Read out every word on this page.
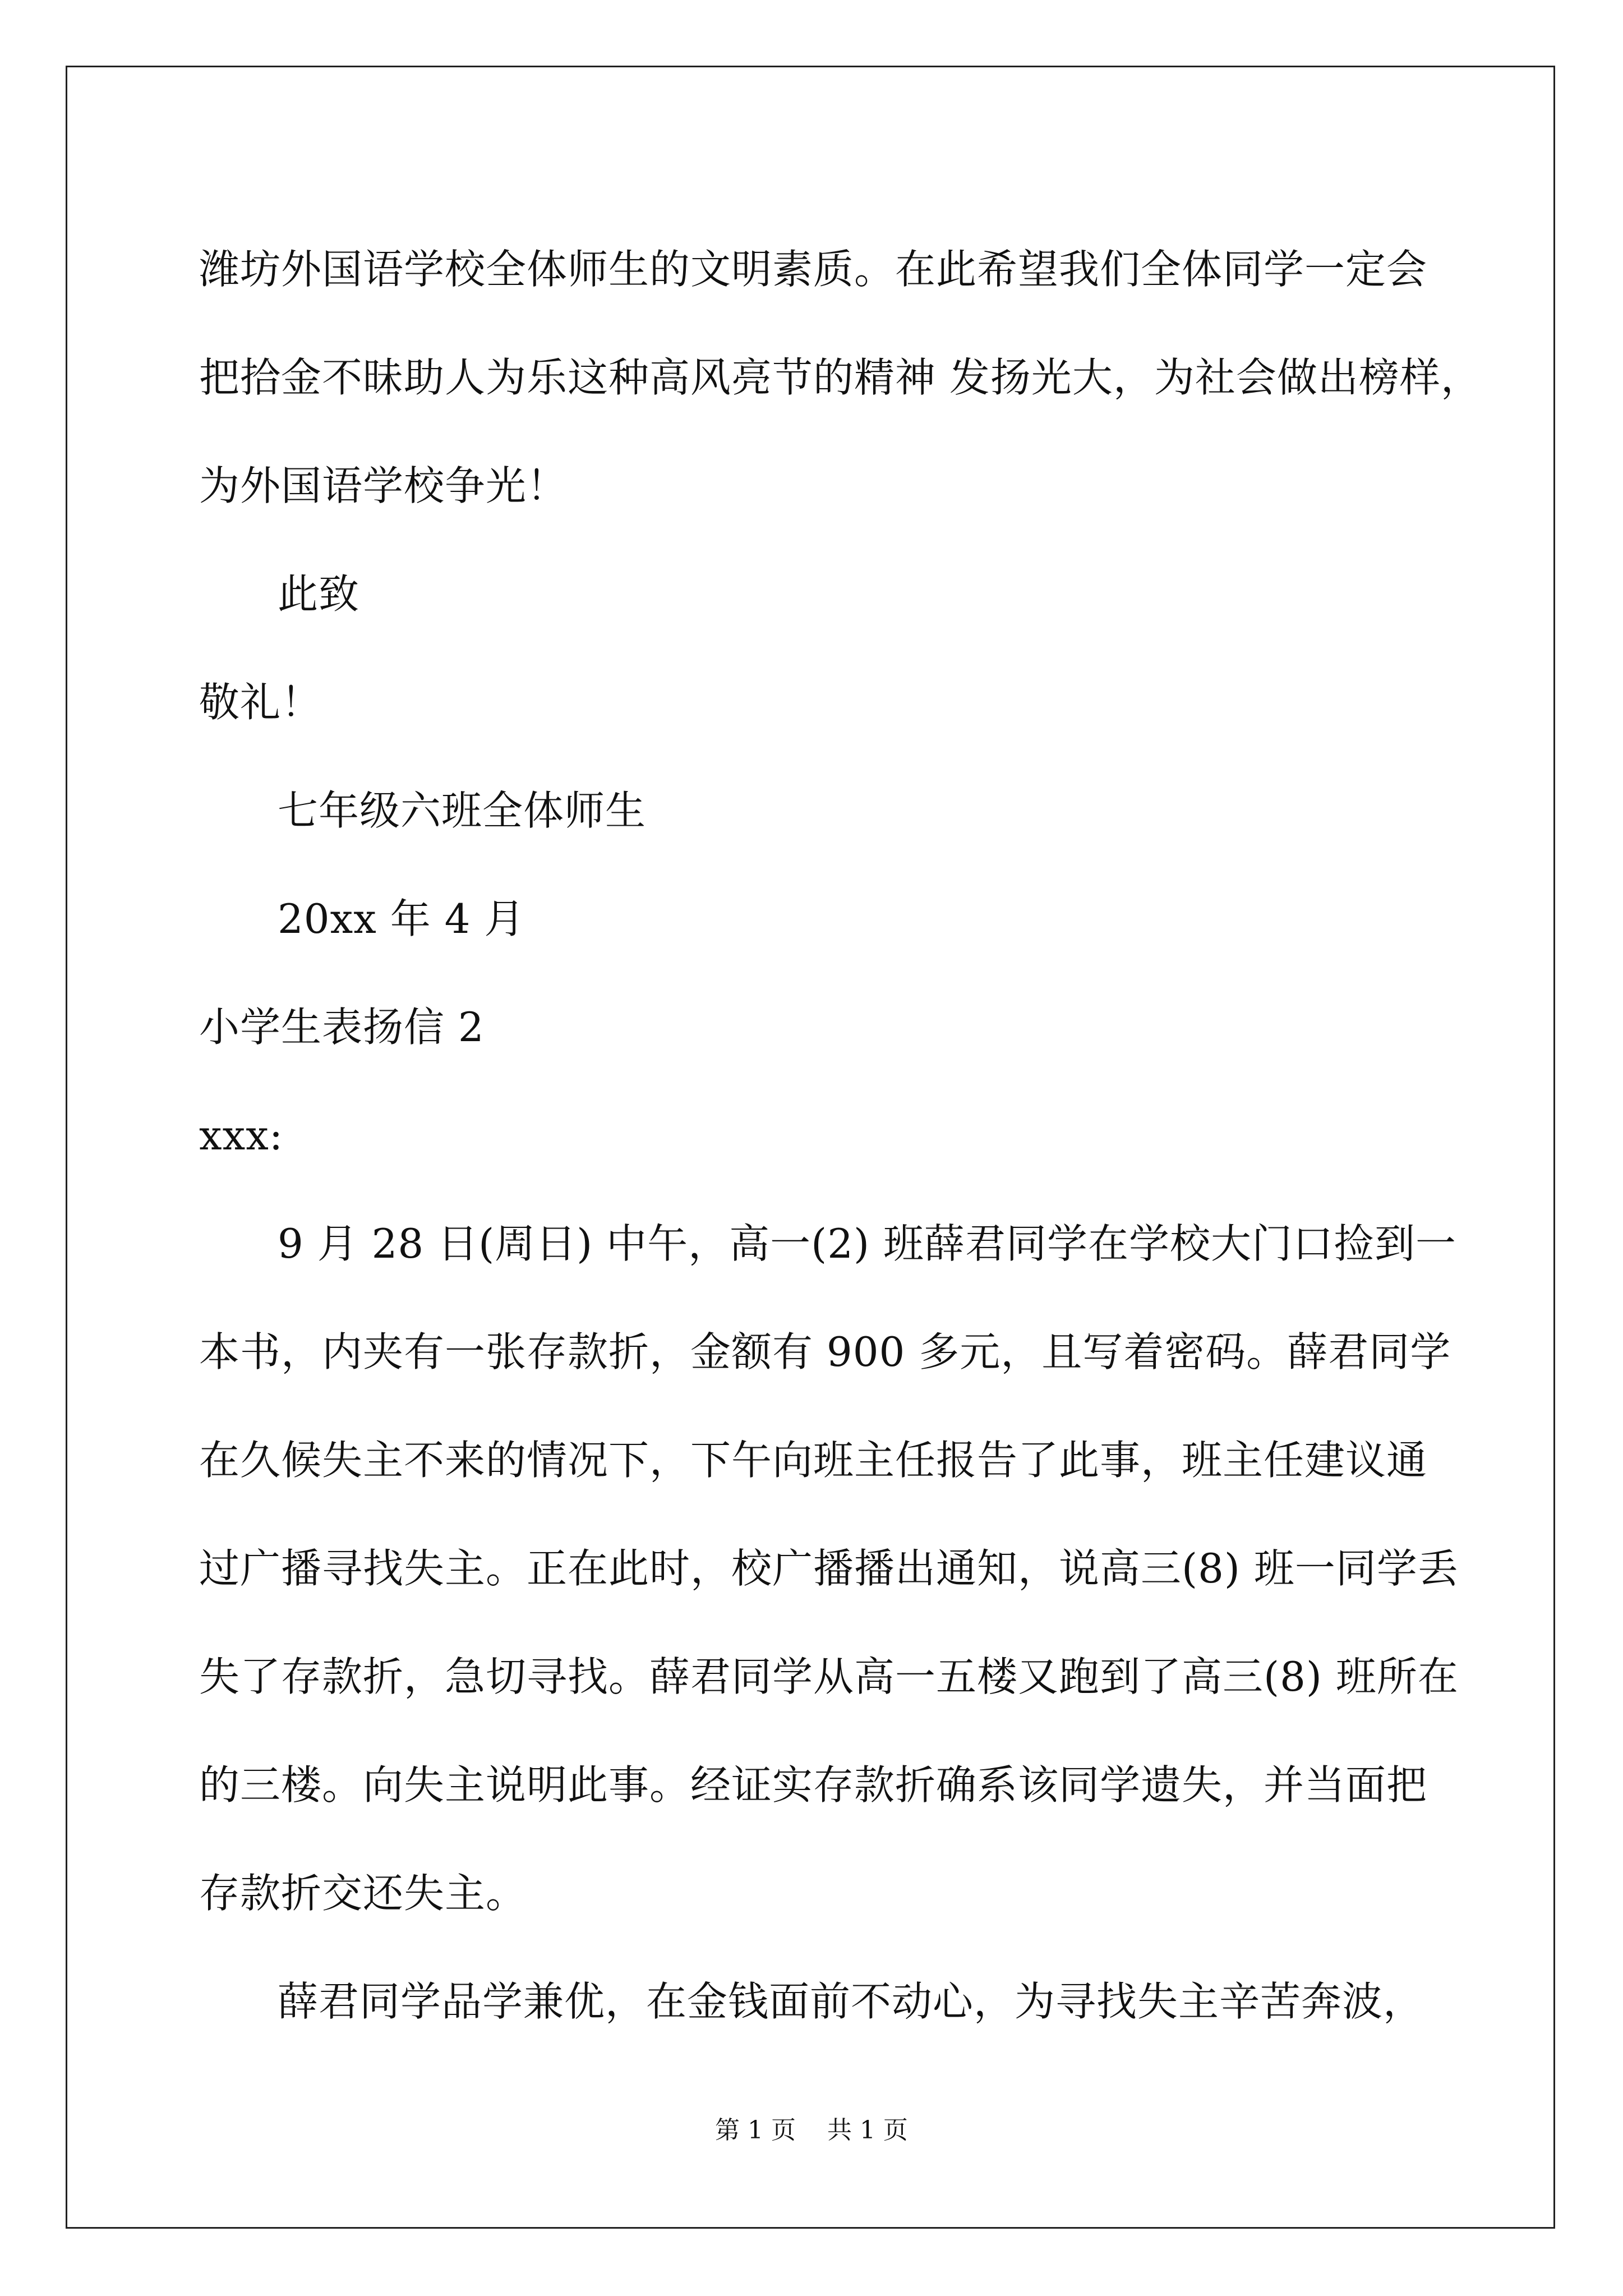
潍坊外国语学校全体师生的文明素质。在此希望我们全体同学一定会
把拾金不昧助人为乐这种高风亮节的精神 发扬光大，为社会做出榜样，
为外国语学校争光！
此致
敬礼！
七年级六班全体师生
20xx 年 4 月
小学生表扬信 2
xxx:
9 月 28 日(周日) 中午，高一(2) 班薛君同学在学校大门口捡到一
本书，内夹有一张存款折，金额有 900 多元，且写着密码。薛君同学
在久候失主不来的情况下，下午向班主任报告了此事，班主任建议通
过广播寻找失主。正在此时，校广播播出通知，说高三(8) 班一同学丢
失了存款折，急切寻找。薛君同学从高一五楼又跑到了高三(8) 班所在
的三楼。向失主说明此事。经证实存款折确系该同学遗失，并当面把
存款折交还失主。
薛君同学品学兼优，在金钱面前不动心，为寻找失主辛苦奔波，
第 1 页    共 1 页
